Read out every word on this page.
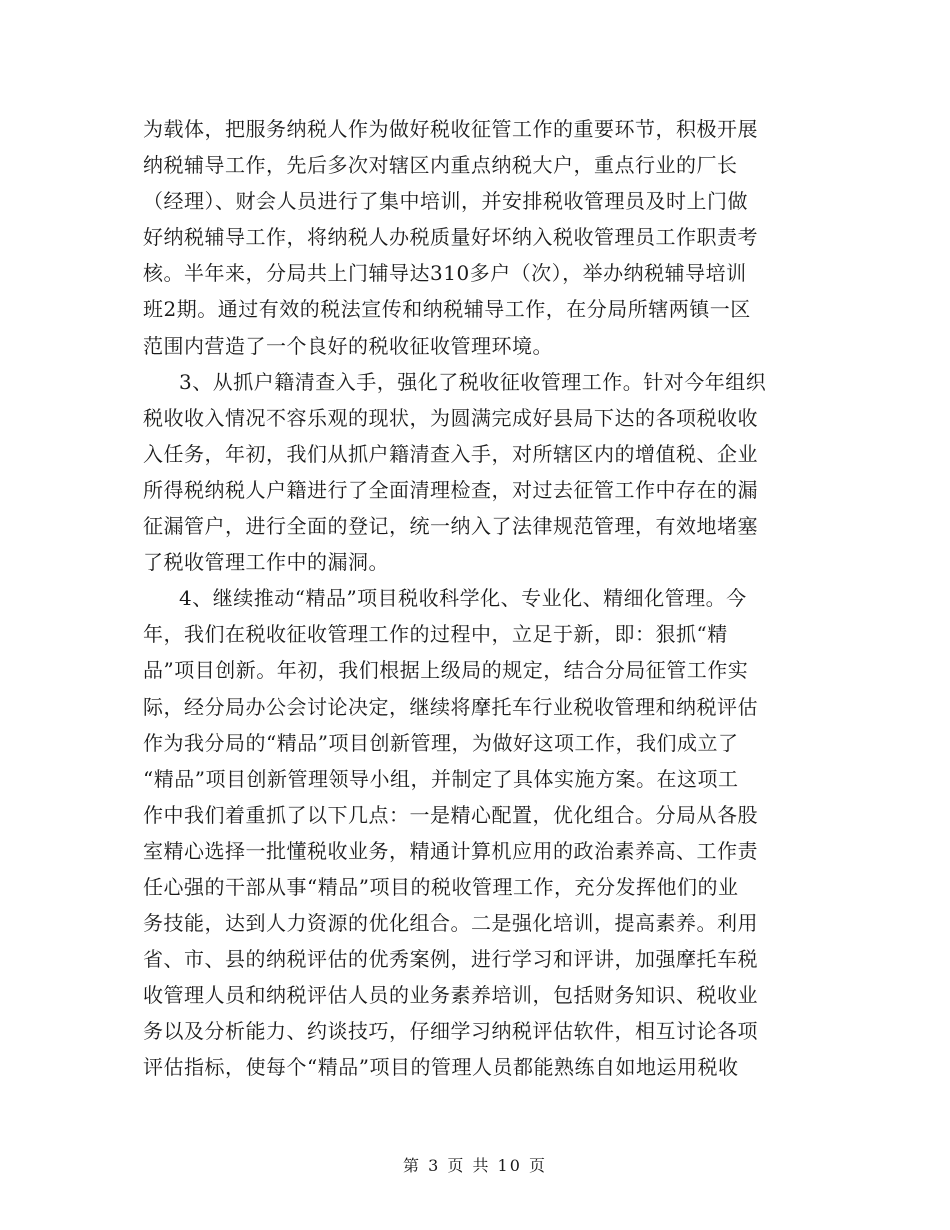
为载体，把服务纳税人作为做好税收征管工作的重要环节，积极开展
纳税辅导工作，先后多次对辖区内重点纳税大户，重点行业的厂长
（经理）、财会人员进行了集中培训，并安排税收管理员及时上门做
好纳税辅导工作，将纳税人办税质量好坏纳入税收管理员工作职责考
核。半年来，分局共上门辅导达310多户（次），举办纳税辅导培训
班2期。通过有效的税法宣传和纳税辅导工作，在分局所辖两镇一区
范围内营造了一个良好的税收征收管理环境。
3、从抓户籍清查入手，强化了税收征收管理工作。针对今年组织
税收收入情况不容乐观的现状，为圆满完成好县局下达的各项税收收
入任务，年初，我们从抓户籍清查入手，对所辖区内的增值税、企业
所得税纳税人户籍进行了全面清理检查，对过去征管工作中存在的漏
征漏管户，进行全面的登记，统一纳入了法律规范管理，有效地堵塞
了税收管理工作中的漏洞。
4、继续推动“精品”项目税收科学化、专业化、精细化管理。今
年，我们在税收征收管理工作的过程中，立足于新，即：狠抓“精
品”项目创新。年初，我们根据上级局的规定，结合分局征管工作实
际，经分局办公会讨论决定，继续将摩托车行业税收管理和纳税评估
作为我分局的“精品”项目创新管理，为做好这项工作，我们成立了
“精品”项目创新管理领导小组，并制定了具体实施方案。在这项工
作中我们着重抓了以下几点：一是精心配置，优化组合。分局从各股
室精心选择一批懂税收业务，精通计算机应用的政治素养高、工作责
任心强的干部从事“精品”项目的税收管理工作，充分发挥他们的业
务技能，达到人力资源的优化组合。二是强化培训，提高素养。利用
省、市、县的纳税评估的优秀案例，进行学习和评讲，加强摩托车税
收管理人员和纳税评估人员的业务素养培训，包括财务知识、税收业
务以及分析能力、约谈技巧，仔细学习纳税评估软件，相互讨论各项
评估指标，使每个“精品”项目的管理人员都能熟练自如地运用税收
第 3 页 共 10 页
